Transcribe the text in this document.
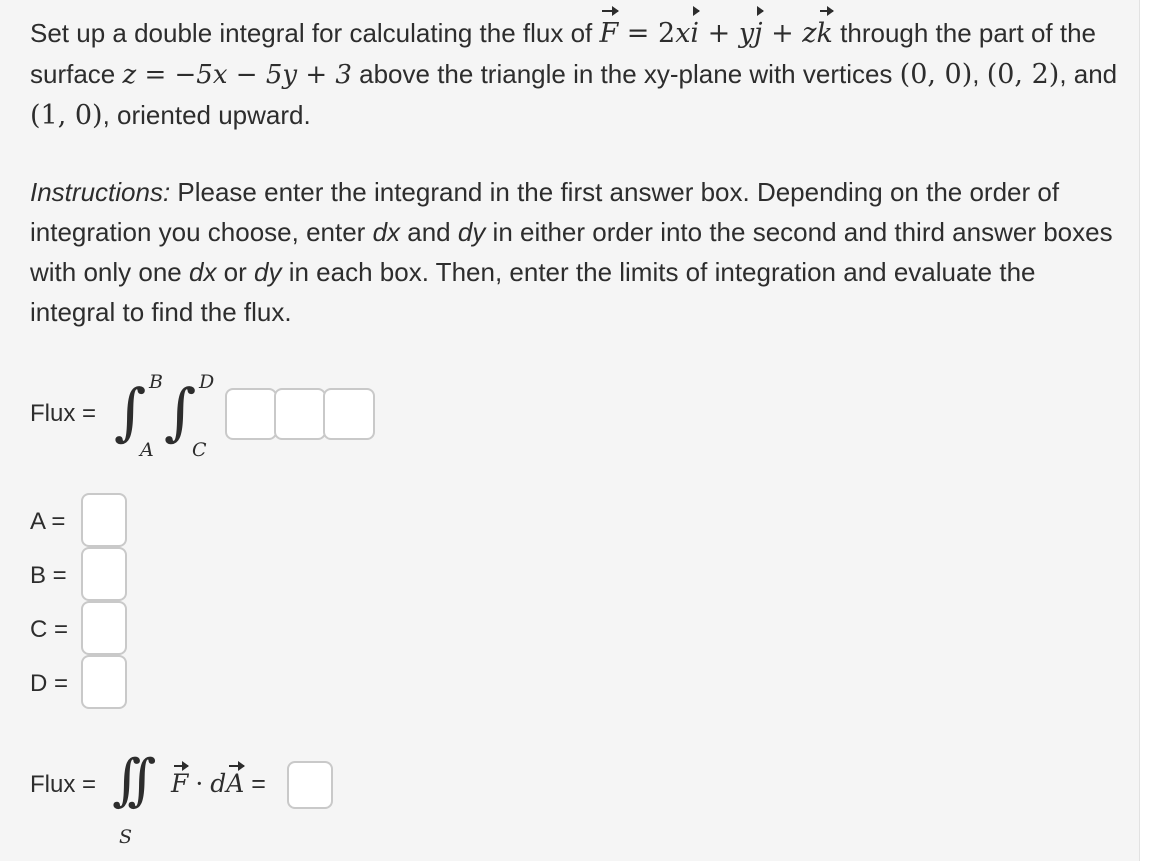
Set up a double integral for calculating the flux of F = 2xi + yj + zk through the part of the surface z = −5x − 5y + 3 above the triangle in the xy-plane with vertices (0, 0), (0, 2), and (1, 0), oriented upward.

Instructions: Please enter the integrand in the first answer box. Depending on the order of integration you choose, enter dx and dy in either order into the second and third answer boxes with only one dx or dy in each box. Then, enter the limits of integration and evaluate the integral to find the flux.

Flux = ∫ B
A
∫ D
C
A =
B =
C =
D =
Flux = ∫∫
S
F · dA =
